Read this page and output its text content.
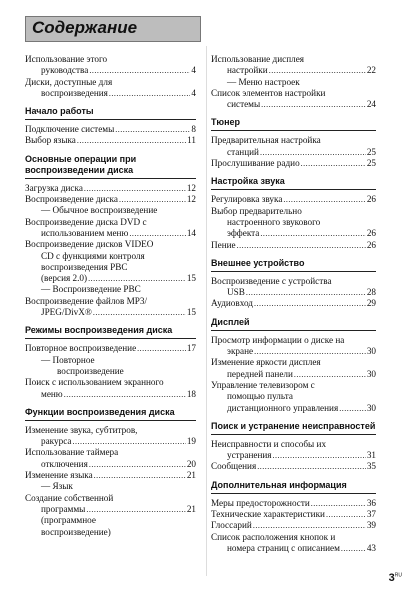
Содержание
Использование этого
руководства .....	4
Диски, доступные для
воспроизведения .....	4
Начало работы
Подключение системы .....	8
Выбор языка .....	11
Основные операции при воспроизведении диска
Загрузка диска .....	12
Воспроизведение диска .....	12
— Обычное воспроизведение
Воспроизведение диска DVD с
использованием меню .....	14
Воспроизведение дисков VIDEO
CD с функциями контроля
воспроизведения PBC
(версия 2.0) .....	15
— Воспроизведение PBC
Воспроизведение файлов MP3/
JPEG/DivX® .....	15
Режимы воспроизведения диска
Повторное воспроизведение .....	17
— Повторное
воспроизведение
Поиск с использованием экранного
меню .....	18
Функции воспроизведения диска
Изменение звука, субтитров,
ракурса .....	19
Использование таймера
отключения .....	20
Изменение языка .....	21
— Язык
Создание собственной
программы .....	21
(программное
воспроизведение)
Использование дисплея
настройки .....	22
— Меню настроек
Список элементов настройки
системы .....	24
Тюнер
Предварительная настройка
станций .....	25
Прослушивание радио .....	25
Настройка звука
Регулировка звука .....	26
Выбор предварительно
настроенного звукового
эффекта .....	26
Пение .....	26
Внешнее устройство
Воспроизведение с устройства
USB .....	28
Аудиовход .....	29
Дисплей
Просмотр информации о диске на
экране .....	30
Изменение яркости дисплея
передней панели .....	30
Управление телевизором с
помощью пульта
дистанционного управления .....	30
Поиск и устранение неисправностей
Неисправности и способы их
устранения .....	31
Сообщения .....	35
Дополнительная информация
Меры предосторожности .....	36
Технические характеристики .....	37
Глоссарий .....	39
Список расположения кнопок и
номера страниц с описанием .....	43
$3^{RU}$
